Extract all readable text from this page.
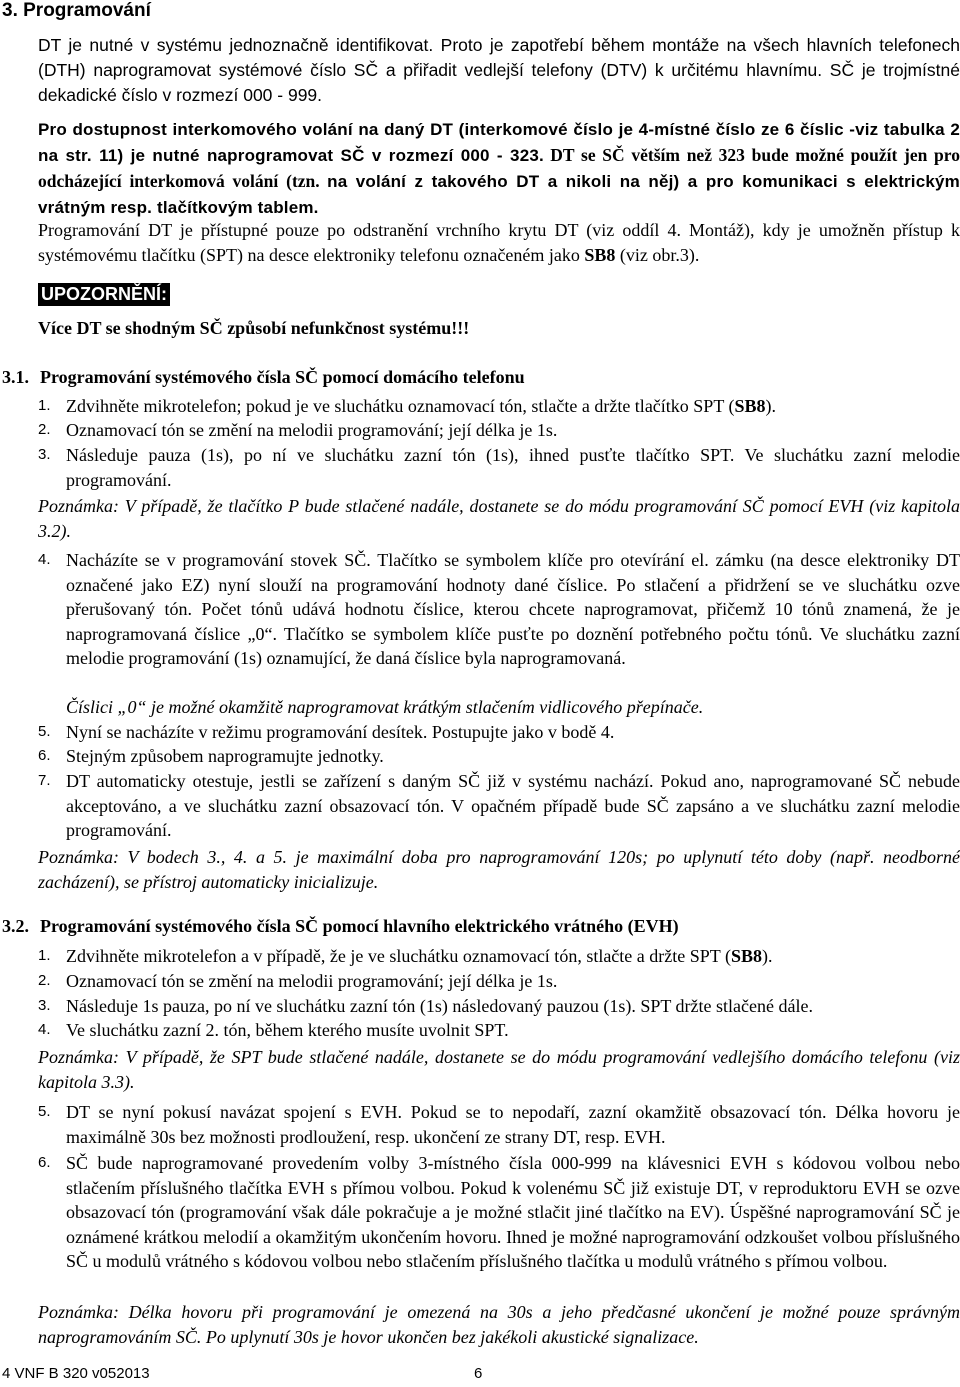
3. Programování

DT je nutné v systému jednoznačně identifikovat. Proto je zapotřebí během montáže na všech hlavních telefonech (DTH) naprogramovat systémové číslo SČ a přiřadit vedlejší telefony (DTV) k určitému hlavnímu. SČ je trojmístné dekadické číslo v rozmezí 000 - 999.

Pro dostupnost interkomového volání na daný DT (interkomové číslo je 4-místné číslo ze 6 číslic -viz tabulka 2 na str. 11) je nutné naprogramovat SČ v rozmezí 000 - 323. DT se SČ větším než 323 bude možné použít jen pro odcházející interkomová volání (tzn. na volání z takového DT a nikoli na něj) a pro komunikaci s elektrickým vrátným resp. tlačítkovým tablem.

Programování DT je přístupné pouze po odstranění vrchního krytu DT (viz oddíl 4. Montáž), kdy je umožněn přístup k systémovému tlačítku (SPT) na desce elektroniky telefonu označeném jako SB8 (viz obr.3).

UPOZORNĚNÍ:

Více DT se shodným SČ způsobí nefunkčnost systému!!!

3.1. Programování systémového čísla SČ pomocí domácího telefonu
1. Zdvihněte mikrotelefon; pokud je ve sluchátku oznamovací tón, stlačte a držte tlačítko SPT (SB8).
2. Oznamovací tón se změní na melodii programování; její délka je 1s.
3. Následuje pauza (1s), po ní ve sluchátku zazní tón (1s), ihned pusťte tlačítko SPT. Ve sluchátku zazní melodie programování.

Poznámka: V případě, že tlačítko P bude stlačené nadále, dostanete se do módu programování SČ pomocí EVH (viz kapitola 3.2).

4. Nacházíte se v programování stovek SČ. Tlačítko se symbolem klíče pro otevírání el. zámku (na desce elektroniky DT označené jako EZ) nyní slouží na programování hodnoty dané číslice. Po stlačení a přidržení se ve sluchátku ozve přerušovaný tón. Počet tónů udává hodnotu číslice, kterou chcete naprogramovat, přičemž 10 tónů znamená, že je naprogramovaná číslice „0“. Tlačítko se symbolem klíče pusťte po doznění potřebného počtu tónů. Ve sluchátku zazní melodie programování (1s) oznamující, že daná číslice byla naprogramovaná.

Číslici „0“ je možné okamžitě naprogramovat krátkým stlačením vidlicového přepínače.

5. Nyní se nacházíte v režimu programování desítek. Postupujte jako v bodě 4.
6. Stejným způsobem naprogramujte jednotky.
7. DT automaticky otestuje, jestli se zařízení s daným SČ již v systému nachází. Pokud ano, naprogramované SČ nebude akceptováno, a ve sluchátku zazní obsazovací tón. V opačném případě bude SČ zapsáno a ve sluchátku zazní melodie programování.

Poznámka: V bodech 3., 4. a 5. je maximální doba pro naprogramování 120s; po uplynutí této doby (např. neodborné zacházení), se přístroj automaticky inicializuje.

3.2. Programování systémového čísla SČ pomocí hlavního elektrického vrátného (EVH)
1. Zdvihněte mikrotelefon a v případě, že je ve sluchátku oznamovací tón, stlačte a držte SPT (SB8).
2. Oznamovací tón se změní na melodii programování; její délka je 1s.
3. Následuje 1s pauza, po ní ve sluchátku zazní tón (1s) následovaný pauzou (1s). SPT držte stlačené dále.
4. Ve sluchátku zazní 2. tón, během kterého musíte uvolnit SPT.

Poznámka: V případě, že SPT bude stlačené nadále, dostanete se do módu programování vedlejšího domácího telefonu (viz kapitola 3.3).

5. DT se nyní pokusí navázat spojení s EVH. Pokud se to nepodaří, zazní okamžitě obsazovací tón. Délka hovoru je maximálně 30s bez možnosti prodloužení, resp. ukončení ze strany DT, resp. EVH.
6. SČ bude naprogramované provedením volby 3-místného čísla 000-999 na klávesnici EVH s kódovou volbou nebo stlačením příslušného tlačítka EVH s přímou volbou. Pokud k volenému SČ již existuje DT, v reproduktoru EVH se ozve obsazovací tón (programování však dále pokračuje a je možné stlačit jiné tlačítko na EV). Úspěšné naprogramování SČ je oznámené krátkou melodií a okamžitým ukončením hovoru. Ihned je možné naprogramování odzkoušet volbou příslušného SČ u modulů vrátného s kódovou volbou nebo stlačením příslušného tlačítka u modulů vrátného s přímou volbou.

Poznámka: Délka hovoru při programování je omezená na 30s a jeho předčasné ukončení je možné pouze správným naprogramováním SČ. Po uplynutí 30s je hovor ukončen bez jakékoli akustické signalizace.

4 VNF B 320 v052013	6
